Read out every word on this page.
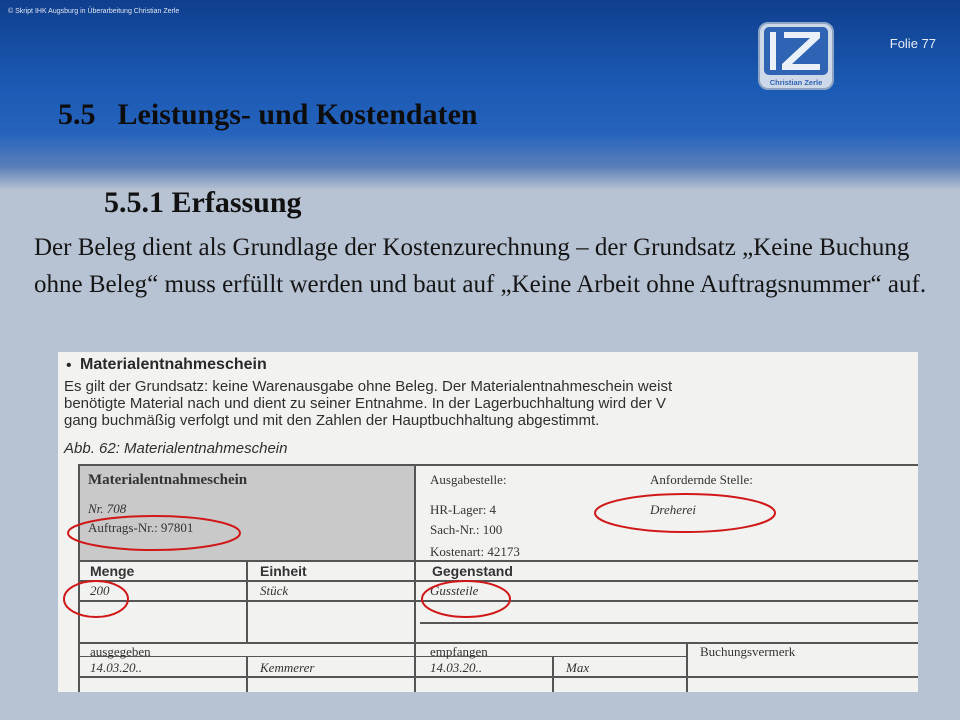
© Skript IHK Augsburg in Überarbeitung Christian Zerle
Folie 77
Christian Zerle
5.5 Leistungs- und Kostendaten
5.5.1 Erfassung
Der Beleg dient als Grundlage der Kostenzurechnung – der Grundsatz „Keine Buchung ohne Beleg“ muss erfüllt werden und baut auf „Keine Arbeit ohne Auftragsnummer“ auf.
• Materialentnahmeschein
Es gilt der Grundsatz: keine Warenausgabe ohne Beleg. Der Materialentnahmeschein weist
benötigte Material nach und dient zu seiner Entnahme. In der Lagerbuchhaltung wird der V
gang buchmäßig verfolgt und mit den Zahlen der Hauptbuchhaltung abgestimmt.
Abb. 62: Materialentnahmeschein
Materialentnahmeschein
Nr. 708
Auftrags-Nr.: 97801
Ausgabestelle:
HR-Lager: 4
Sach-Nr.: 100
Kostenart: 42173
Anfordernde Stelle:
Dreherei
Menge	Einheit	Gegenstand
200	Stück	Gussteile
ausgegeben
14.03.20..	Kemmerer
empfangen
14.03.20..	Max
Buchungsvermerk
